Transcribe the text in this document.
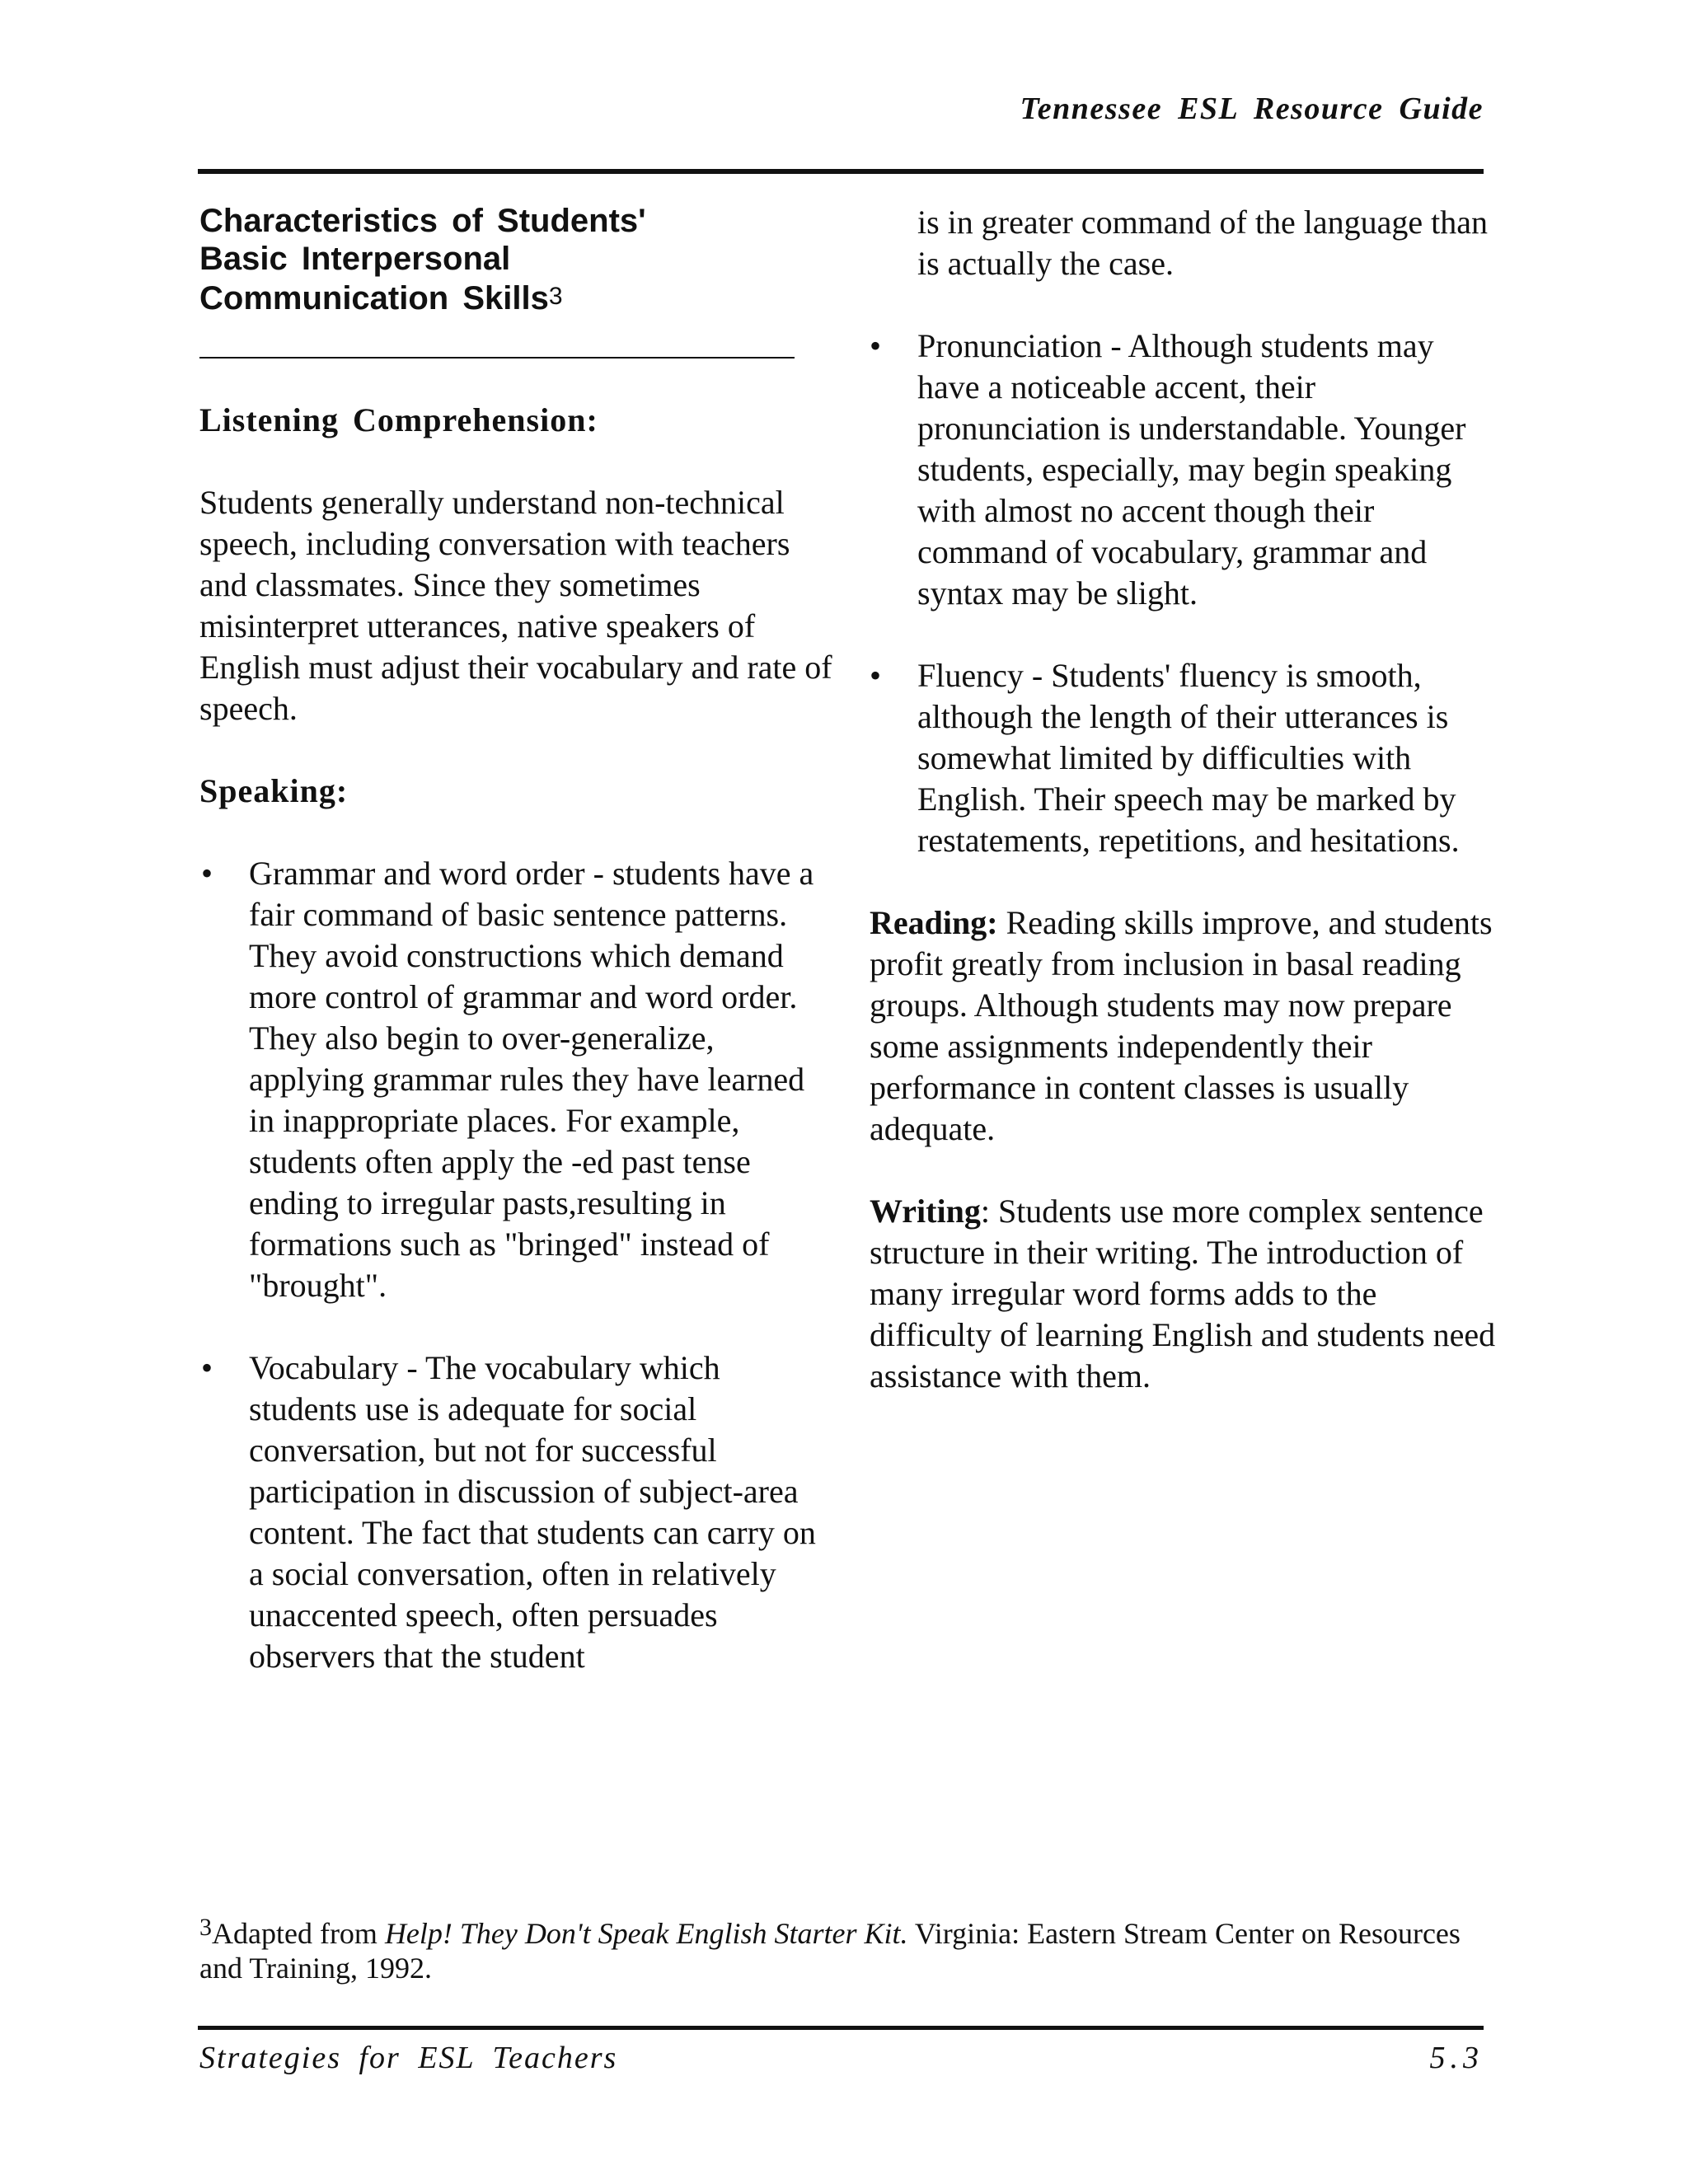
Tennessee ESL Resource Guide
Characteristics of Students'
Basic Interpersonal
Communication Skills$^3$
Listening Comprehension:

Students generally understand non-technical speech, including conversation with teachers and classmates. Since they sometimes misinterpret utterances, native speakers of English must adjust their vocabulary and rate of speech.

Speaking:
• Grammar and word order - students have a fair command of basic sentence patterns. They avoid constructions which demand more control of grammar and word order. They also begin to over-generalize, applying grammar rules they have learned in inappropriate places. For example, students often apply the -ed past tense ending to irregular pasts,resulting in formations such as "bringed" instead of "brought".
• Vocabulary - The vocabulary which students use is adequate for social conversation, but not for successful participation in discussion of subject-area content. The fact that students can carry on a social conversation, often in relatively unaccented speech, often persuades observers that the student

is in greater command of the language than is actually the case.

• Pronunciation - Although students may have a noticeable accent, their pronunciation is understandable. Younger students, especially, may begin speaking with almost no accent though their command of vocabulary, grammar and syntax may be slight.
• Fluency - Students' fluency is smooth, although the length of their utterances is somewhat limited by difficulties with English. Their speech may be marked by restatements, repetitions, and hesitations.

Reading: Reading skills improve, and students profit greatly from inclusion in basal reading groups. Although students may now prepare some assignments independently their performance in content classes is usually adequate.

Writing: Students use more complex sentence structure in their writing. The introduction of many irregular word forms adds to the difficulty of learning English and students need assistance with them.

$^3$Adapted from Help! They Don't Speak English Starter Kit. Virginia: Eastern Stream Center on Resources and Training, 1992.
Strategies for ESL Teachers	5.3
